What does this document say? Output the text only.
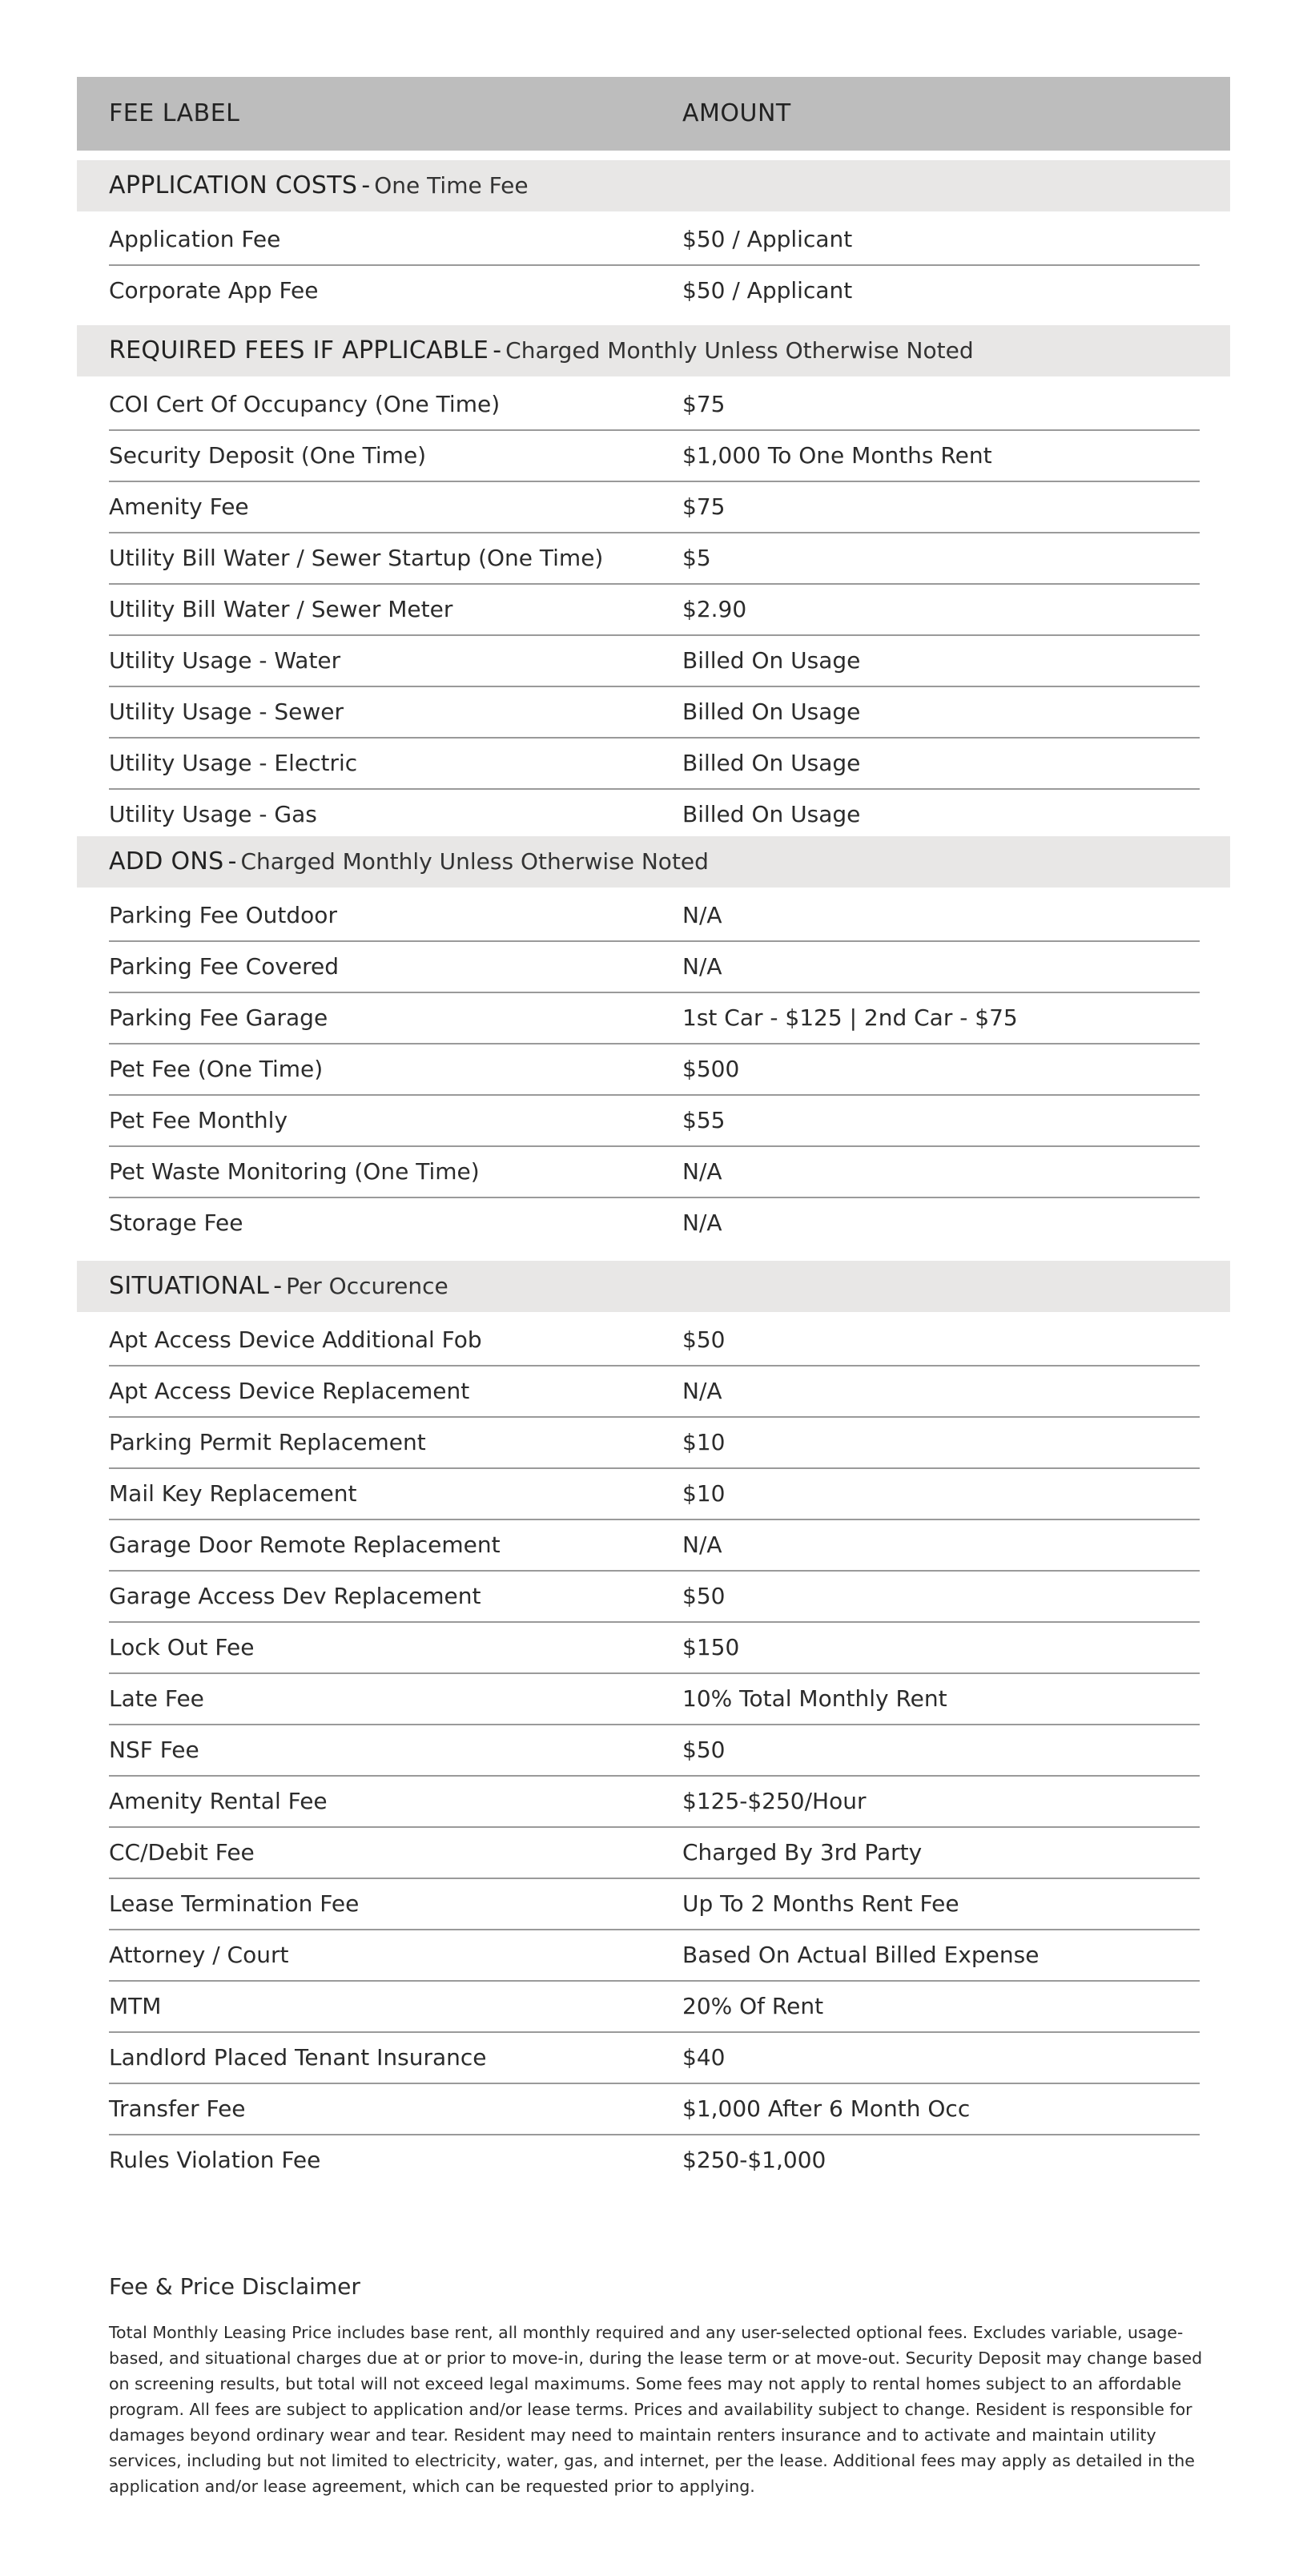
FEE LABEL	AMOUNT
APPLICATION COSTS - One Time Fee
Application Fee	$50 / Applicant
Corporate App Fee	$50 / Applicant
REQUIRED FEES IF APPLICABLE - Charged Monthly Unless Otherwise Noted
COI Cert Of Occupancy (One Time)	$75
Security Deposit (One Time)	$1,000 To One Months Rent
Amenity Fee	$75
Utility Bill Water / Sewer Startup (One Time)	$5
Utility Bill Water / Sewer Meter	$2.90
Utility Usage - Water	Billed On Usage
Utility Usage - Sewer	Billed On Usage
Utility Usage - Electric	Billed On Usage
Utility Usage - Gas	Billed On Usage
ADD ONS - Charged Monthly Unless Otherwise Noted
Parking Fee Outdoor	N/A
Parking Fee Covered	N/A
Parking Fee Garage	1st Car - $125 | 2nd Car - $75
Pet Fee (One Time)	$500
Pet Fee Monthly	$55
Pet Waste Monitoring (One Time)	N/A
Storage Fee	N/A
SITUATIONAL - Per Occurence
Apt Access Device Additional Fob	$50
Apt Access Device Replacement	N/A
Parking Permit Replacement	$10
Mail Key Replacement	$10
Garage Door Remote Replacement	N/A
Garage Access Dev Replacement	$50
Lock Out Fee	$150
Late Fee	10% Total Monthly Rent
NSF Fee	$50
Amenity Rental Fee	$125-$250/Hour
CC/Debit Fee	Charged By 3rd Party
Lease Termination Fee	Up To 2 Months Rent Fee
Attorney / Court	Based On Actual Billed Expense
MTM	20% Of Rent
Landlord Placed Tenant Insurance	$40
Transfer Fee	$1,000 After 6 Month Occ
Rules Violation Fee	$250-$1,000
Fee & Price Disclaimer
Total Monthly Leasing Price includes base rent, all monthly required and any user-selected optional fees. Excludes variable, usage-based, and situational charges due at or prior to move-in, during the lease term or at move-out. Security Deposit may change based on screening results, but total will not exceed legal maximums. Some fees may not apply to rental homes subject to an affordable program. All fees are subject to application and/or lease terms. Prices and availability subject to change. Resident is responsible for damages beyond ordinary wear and tear. Resident may need to maintain renters insurance and to activate and maintain utility services, including but not limited to electricity, water, gas, and internet, per the lease. Additional fees may apply as detailed in the application and/or lease agreement, which can be requested prior to applying.
